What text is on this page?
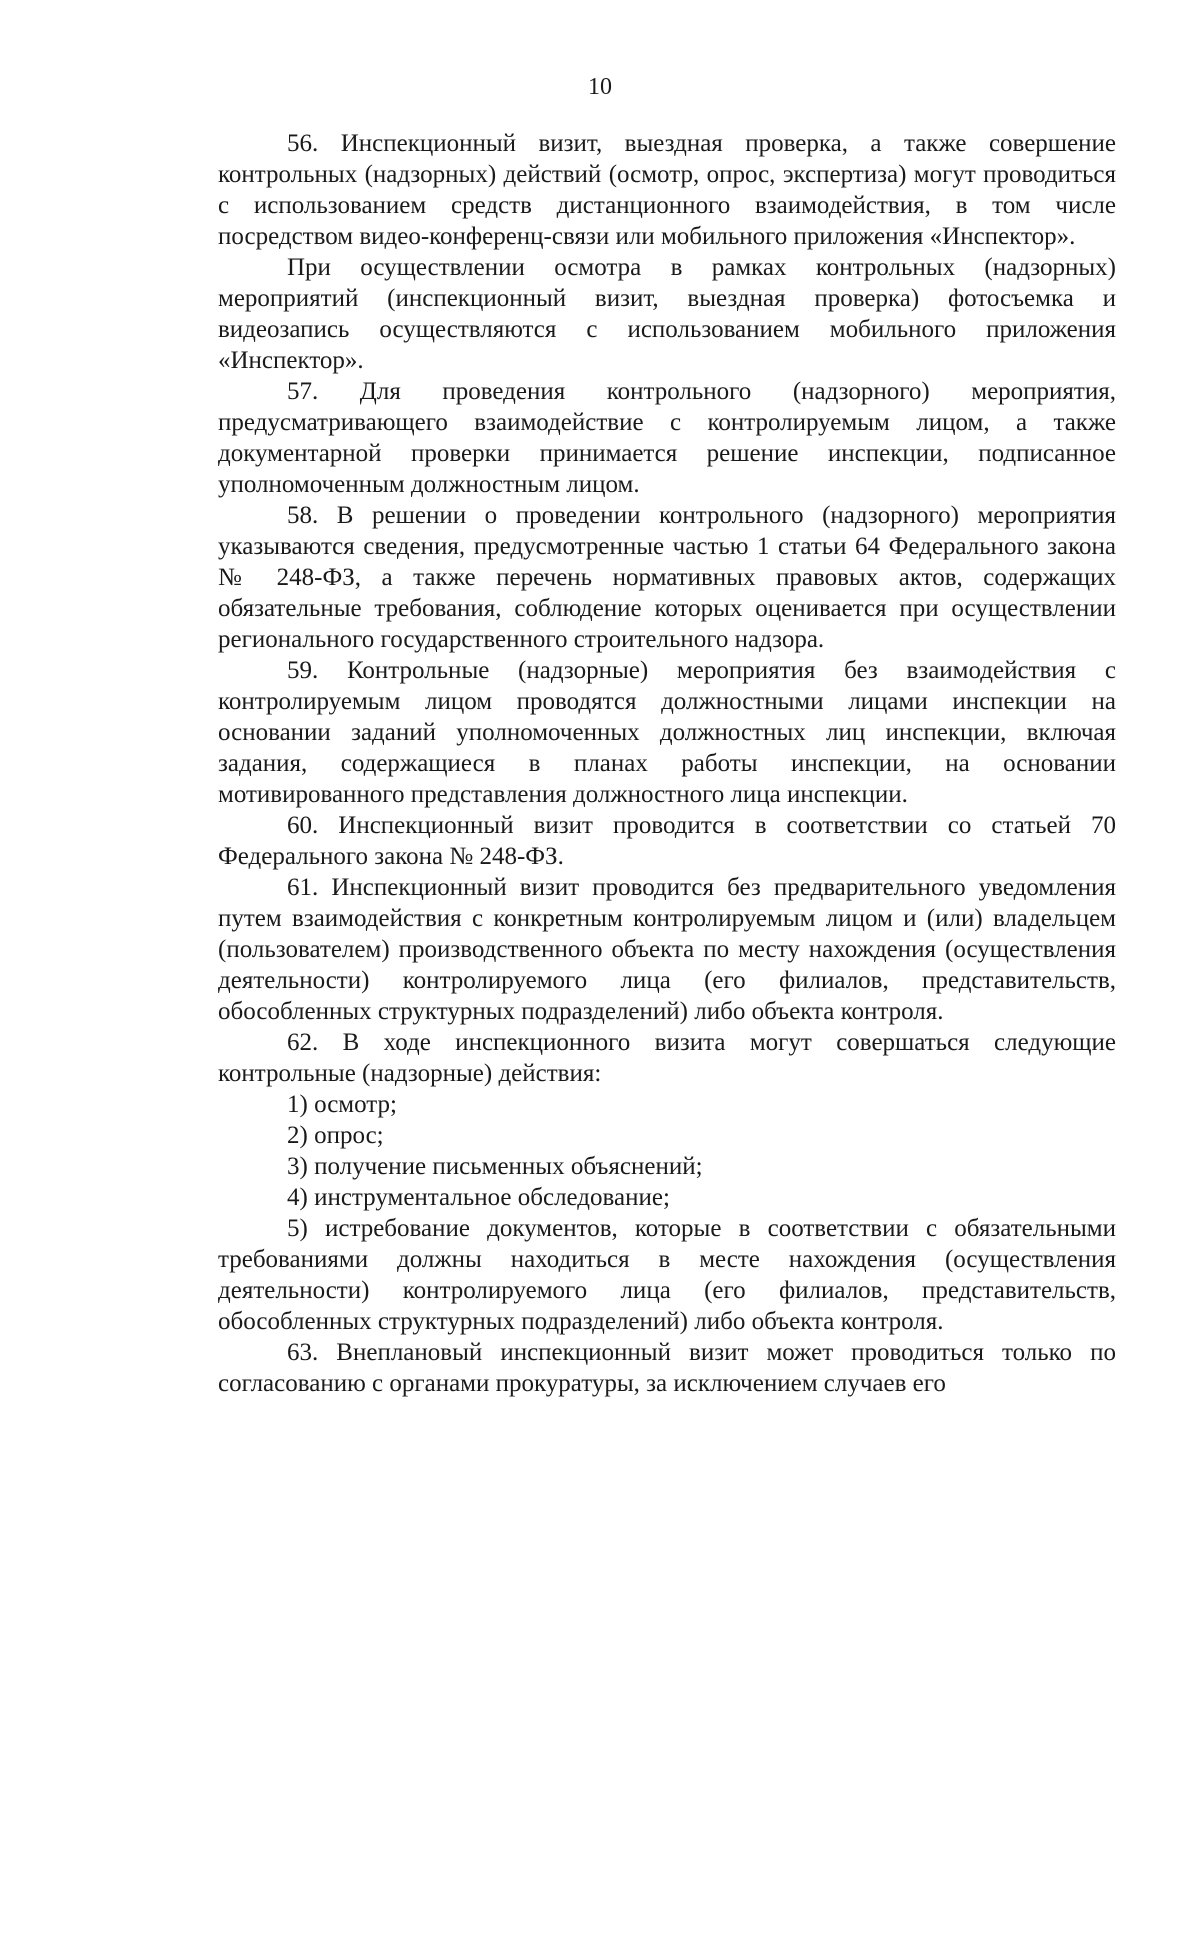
10

56. Инспекционный визит, выездная проверка, а также совершение контрольных (надзорных) действий (осмотр, опрос, экспертиза) могут проводиться с использованием средств дистанционного взаимодействия, в том числе посредством видео-конференц-связи или мобильного приложения «Инспектор».

При осуществлении осмотра в рамках контрольных (надзорных) мероприятий (инспекционный визит, выездная проверка) фотосъемка и видеозапись осуществляются с использованием мобильного приложения «Инспектор».

57. Для проведения контрольного (надзорного) мероприятия, предусматривающего взаимодействие с контролируемым лицом, а также документарной проверки принимается решение инспекции, подписанное уполномоченным должностным лицом.

58. В решении о проведении контрольного (надзорного) мероприятия указываются сведения, предусмотренные частью 1 статьи 64 Федерального закона № 248-ФЗ, а также перечень нормативных правовых актов, содержащих обязательные требования, соблюдение которых оценивается при осуществлении регионального государственного строительного надзора.

59. Контрольные (надзорные) мероприятия без взаимодействия с контролируемым лицом проводятся должностными лицами инспекции на основании заданий уполномоченных должностных лиц инспекции, включая задания, содержащиеся в планах работы инспекции, на основании мотивированного представления должностного лица инспекции.

60. Инспекционный визит проводится в соответствии со статьей 70 Федерального закона № 248-ФЗ.

61. Инспекционный визит проводится без предварительного уведомления путем взаимодействия с конкретным контролируемым лицом и (или) владельцем (пользователем) производственного объекта по месту нахождения (осуществления деятельности) контролируемого лица (его филиалов, представительств, обособленных структурных подразделений) либо объекта контроля.

62. В ходе инспекционного визита могут совершаться следующие контрольные (надзорные) действия:

1) осмотр;

2) опрос;

3) получение письменных объяснений;

4) инструментальное обследование;

5) истребование документов, которые в соответствии с обязательными требованиями должны находиться в месте нахождения (осуществления деятельности) контролируемого лица (его филиалов, представительств, обособленных структурных подразделений) либо объекта контроля.

63. Внеплановый инспекционный визит может проводиться только по согласованию с органами прокуратуры, за исключением случаев его
